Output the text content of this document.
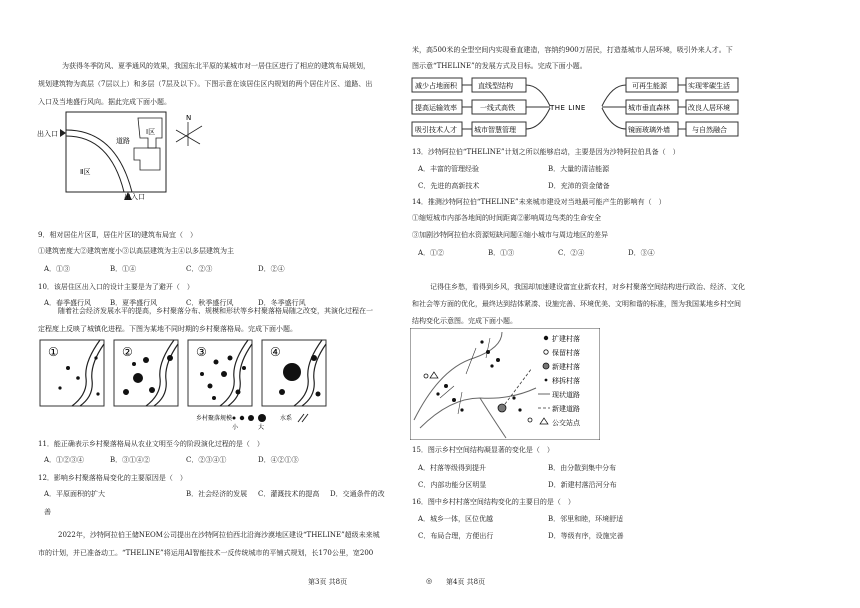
为获得冬季防风、夏季通风的效果，我国东北平原的某城市对一居住区进行了相应的建筑布局规划，
规划建筑物为高层（7层以上）和多层（7层及以下）。下图示意在该居住区内规划的两个居住片区、道路、出
入口及当地盛行风向。据此完成下面小题。
出入口
出入口
道路
Ⅰ区
Ⅱ区
N
9．相对居住片区Ⅱ，居住片区Ⅰ的建筑布局宜（　）
①建筑密度大②建筑密度小③以高层建筑为主④以多层建筑为主
A．①③	B．①④	C．②③	D．②④
10．该居住区出入口的设计主要是为了避开（　）
A．春季盛行风	B．夏季盛行风	C．秋季盛行风	D．冬季盛行风
随着社会经济发展水平的提高，乡村聚落分布、规模和形状等乡村聚落格局随之改变，其演化过程在一
定程度上反映了城镇化进程。下图为某地不同时期的乡村聚落格局。完成下面小题。
①	②	③	④
乡村聚落规模
小	大
水系
11．能正确表示乡村聚落格局从农业文明至今的阶段演化过程的是（　）
A．①②③④	B．③①④②	C．②③④①	D．④②①③
12．影响乡村聚落格局变化的主要原因是（　）
A．平原面积的扩大	B．社会经济的发展 C．灌溉技术的提高 D．交通条件的改
善
2022年，沙特阿拉伯王储NEOM公司提出在沙特阿拉伯西北沿海沙漠地区建设“THELINE”超级未来城
市的计划，并已准备动工。“THELINE”将运用AI智能技术一反传统城市的平铺式规划，长170公里，宽200
第3页 共8页	◎
米，高500米的全型空间内实现垂直建造，容纳约900万居民，打造基城市人居环境，吸引外来人才。下
图示意“THELINE”的发展方式及目标。完成下面小题。
减少占地面积
提高运输效率
吸引技术人才
直线型结构
一线式高铁
城市智慧管理
THE LINE
可再生能源
城市垂直森林
镜面玻璃外墙
实现零碳生活
改良人居环境
与自然融合
13．沙特阿拉伯“THELINE”计划之所以能够启动，主要是因为沙特阿拉伯具备（　）
A．丰富的管理经验	B．大量的清洁能源
C．先进的高新技术	D．充沛的资金储备
14．推测沙特阿拉伯“THELINE”未来城市建设对当地最可能产生的影响有（　）
①缩短城市内部各地间的时间距离②影响周边鸟类的生命安全
③加剧沙特阿拉伯水资源短缺问题④缩小城市与周边地区的差异
A．①②	B．①③	C．②④	D．③④
记得住乡愁，看得到乡风，我国却加速建设富宜业新农村，对乡村聚落空间结构进行政治、经济、文化
和社会等方面的优化，最终达到结体紧凑、设施完善、环境优美、文明和谐的标准，图为我国某地乡村空间
结构变化示意图。完成下面小题。
扩建村落
保留村落
新建村落
移拆村落
现状道路
新建道路
公交站点
15．图示乡村空间结构凝显著的变化是（　）
A．村落等级得到提升	B．由分散到集中分布
C．内部功能分区明显	D．新建村落沿河分布
16．图中乡村村落空间结构变化的主要目的是（　）
A．城乡一体，区位优越	B．邻里和睦，环境舒适
C．布局合理，方便出行	D．等级有序，设施完善
第4页 共8页
